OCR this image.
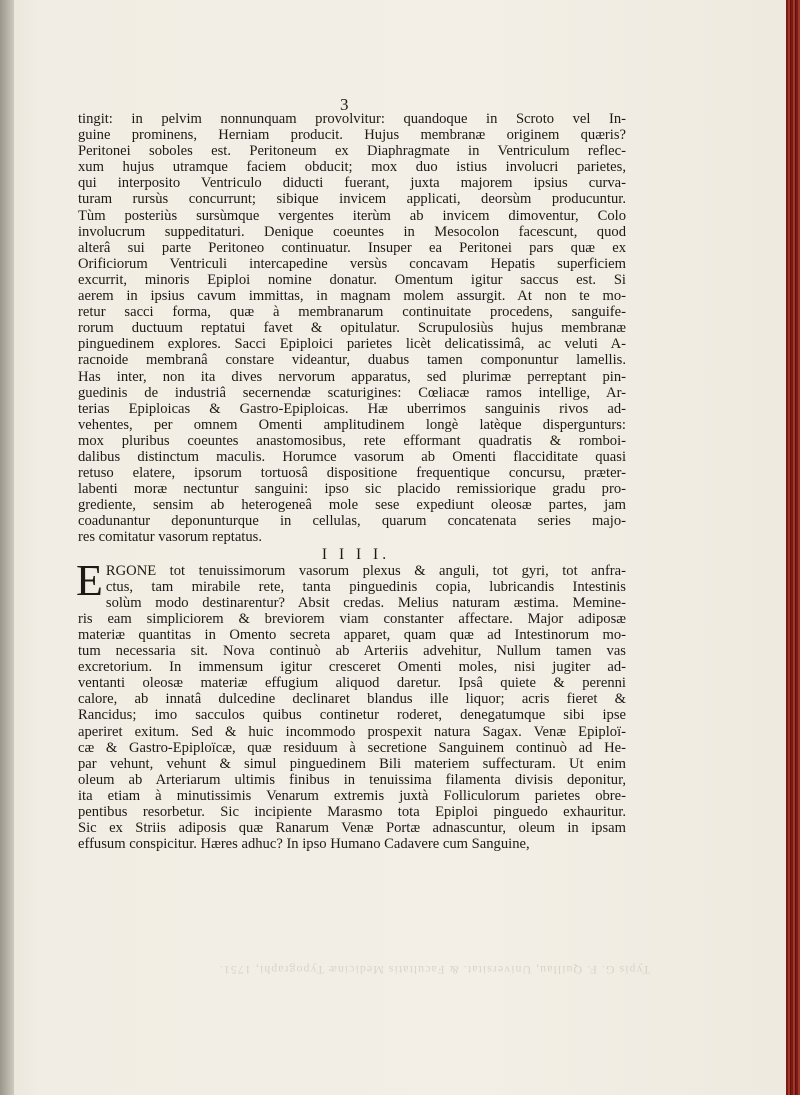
Typis G. F. Quillau, Universitat. & Facultatis Medicinæ Typographi, 1751.
3
tingit: in pelvim nonnunquam provolvitur: quandoque in Scroto vel In-
guine prominens, Herniam producit. Hujus membranæ originem quæris?
Peritonei soboles est. Peritoneum ex Diaphragmate in Ventriculum reflec-
xum hujus utramque faciem obducit; mox duo istius involucri parietes,
qui interposito Ventriculo diducti fuerant, juxta majorem ipsius curva-
turam rursùs concurrunt; sibique invicem applicati, deorsùm producuntur.
Tùm posteriùs sursùmque vergentes iterùm ab invicem dimoventur, Colo
involucrum suppeditaturi. Denique coeuntes in Mesocolon facescunt, quod
alterâ sui parte Peritoneo continuatur. Insuper ea Peritonei pars quæ ex
Orificiorum Ventriculi intercapedine versùs concavam Hepatis superficiem
excurrit, minoris Epiploi nomine donatur. Omentum igitur saccus est. Si
aerem in ipsius cavum immittas, in magnam molem assurgit. At non te mo-
retur sacci forma, quæ à membranarum continuitate procedens, sanguife-
rorum ductuum reptatui favet & opitulatur. Scrupulosiùs hujus membranæ
pinguedinem explores. Sacci Epiploici parietes licèt delicatissimâ, ac veluti A-
racnoide membranâ constare videantur, duabus tamen componuntur lamellis.
Has inter, non ita dives nervorum apparatus, sed plurimæ perreptant pin-
guedinis de industriâ secernendæ scaturigines: Cœliacæ ramos intellige, Ar-
terias Epiploicas & Gastro-Epiploicas. Hæ uberrimos sanguinis rivos ad-
vehentes, per omnem Omenti amplitudinem longè latèque dispergunturs:
mox pluribus coeuntes anastomosibus, rete efformant quadratis & romboi-
dalibus distinctum maculis. Horumce vasorum ab Omenti flacciditate quasi
retuso elatere, ipsorum tortuosâ dispositione frequentique concursu, præter-
labenti moræ nectuntur sanguini: ipso sic placido remissiorique gradu pro-
grediente, sensim ab heterogeneâ mole sese expediunt oleosæ partes, jam
coadunantur deponunturque in cellulas, quarum concatenata series majo-
res comitatur vasorum reptatus.
I I I I.
E RGONE tot tenuissimorum vasorum plexus & anguli, tot gyri, tot anfra-
ctus, tam mirabile rete, tanta pinguedinis copia, lubricandis Intestinis
solùm modo destinarentur? Absit credas. Melius naturam æstima. Memine-
ris eam simpliciorem & breviorem viam constanter affectare. Major adiposæ
materiæ quantitas in Omento secreta apparet, quam quæ ad Intestinorum mo-
tum necessaria sit. Nova continuò ab Arteriis advehitur, Nullum tamen vas
excretorium. In immensum igitur cresceret Omenti moles, nisi jugiter ad-
ventanti oleosæ materiæ effugium aliquod daretur. Ipsâ quiete & perenni
calore, ab innatâ dulcedine declinaret blandus ille liquor; acris fieret &
Rancidus; imo sacculos quibus continetur roderet, denegatumque sibi ipse
aperiret exitum. Sed & huic incommodo prospexit natura Sagax. Venæ Epiploï-
cæ & Gastro-Epiploïcæ, quæ residuum à secretione Sanguinem continuò ad He-
par vehunt, vehunt & simul pinguedinem Bili materiem suffecturam. Ut enim
oleum ab Arteriarum ultimis finibus in tenuissima filamenta divisis deponitur,
ita etiam à minutissimis Venarum extremis juxtà Folliculorum parietes obre-
pentibus resorbetur. Sic incipiente Marasmo tota Epiploi pinguedo exhauritur.
Sic ex Striis adiposis quæ Ranarum Venæ Portæ adnascuntur, oleum in ipsam
effusum conspicitur. Hæres adhuc? In ipso Humano Cadavere cum Sanguine,
